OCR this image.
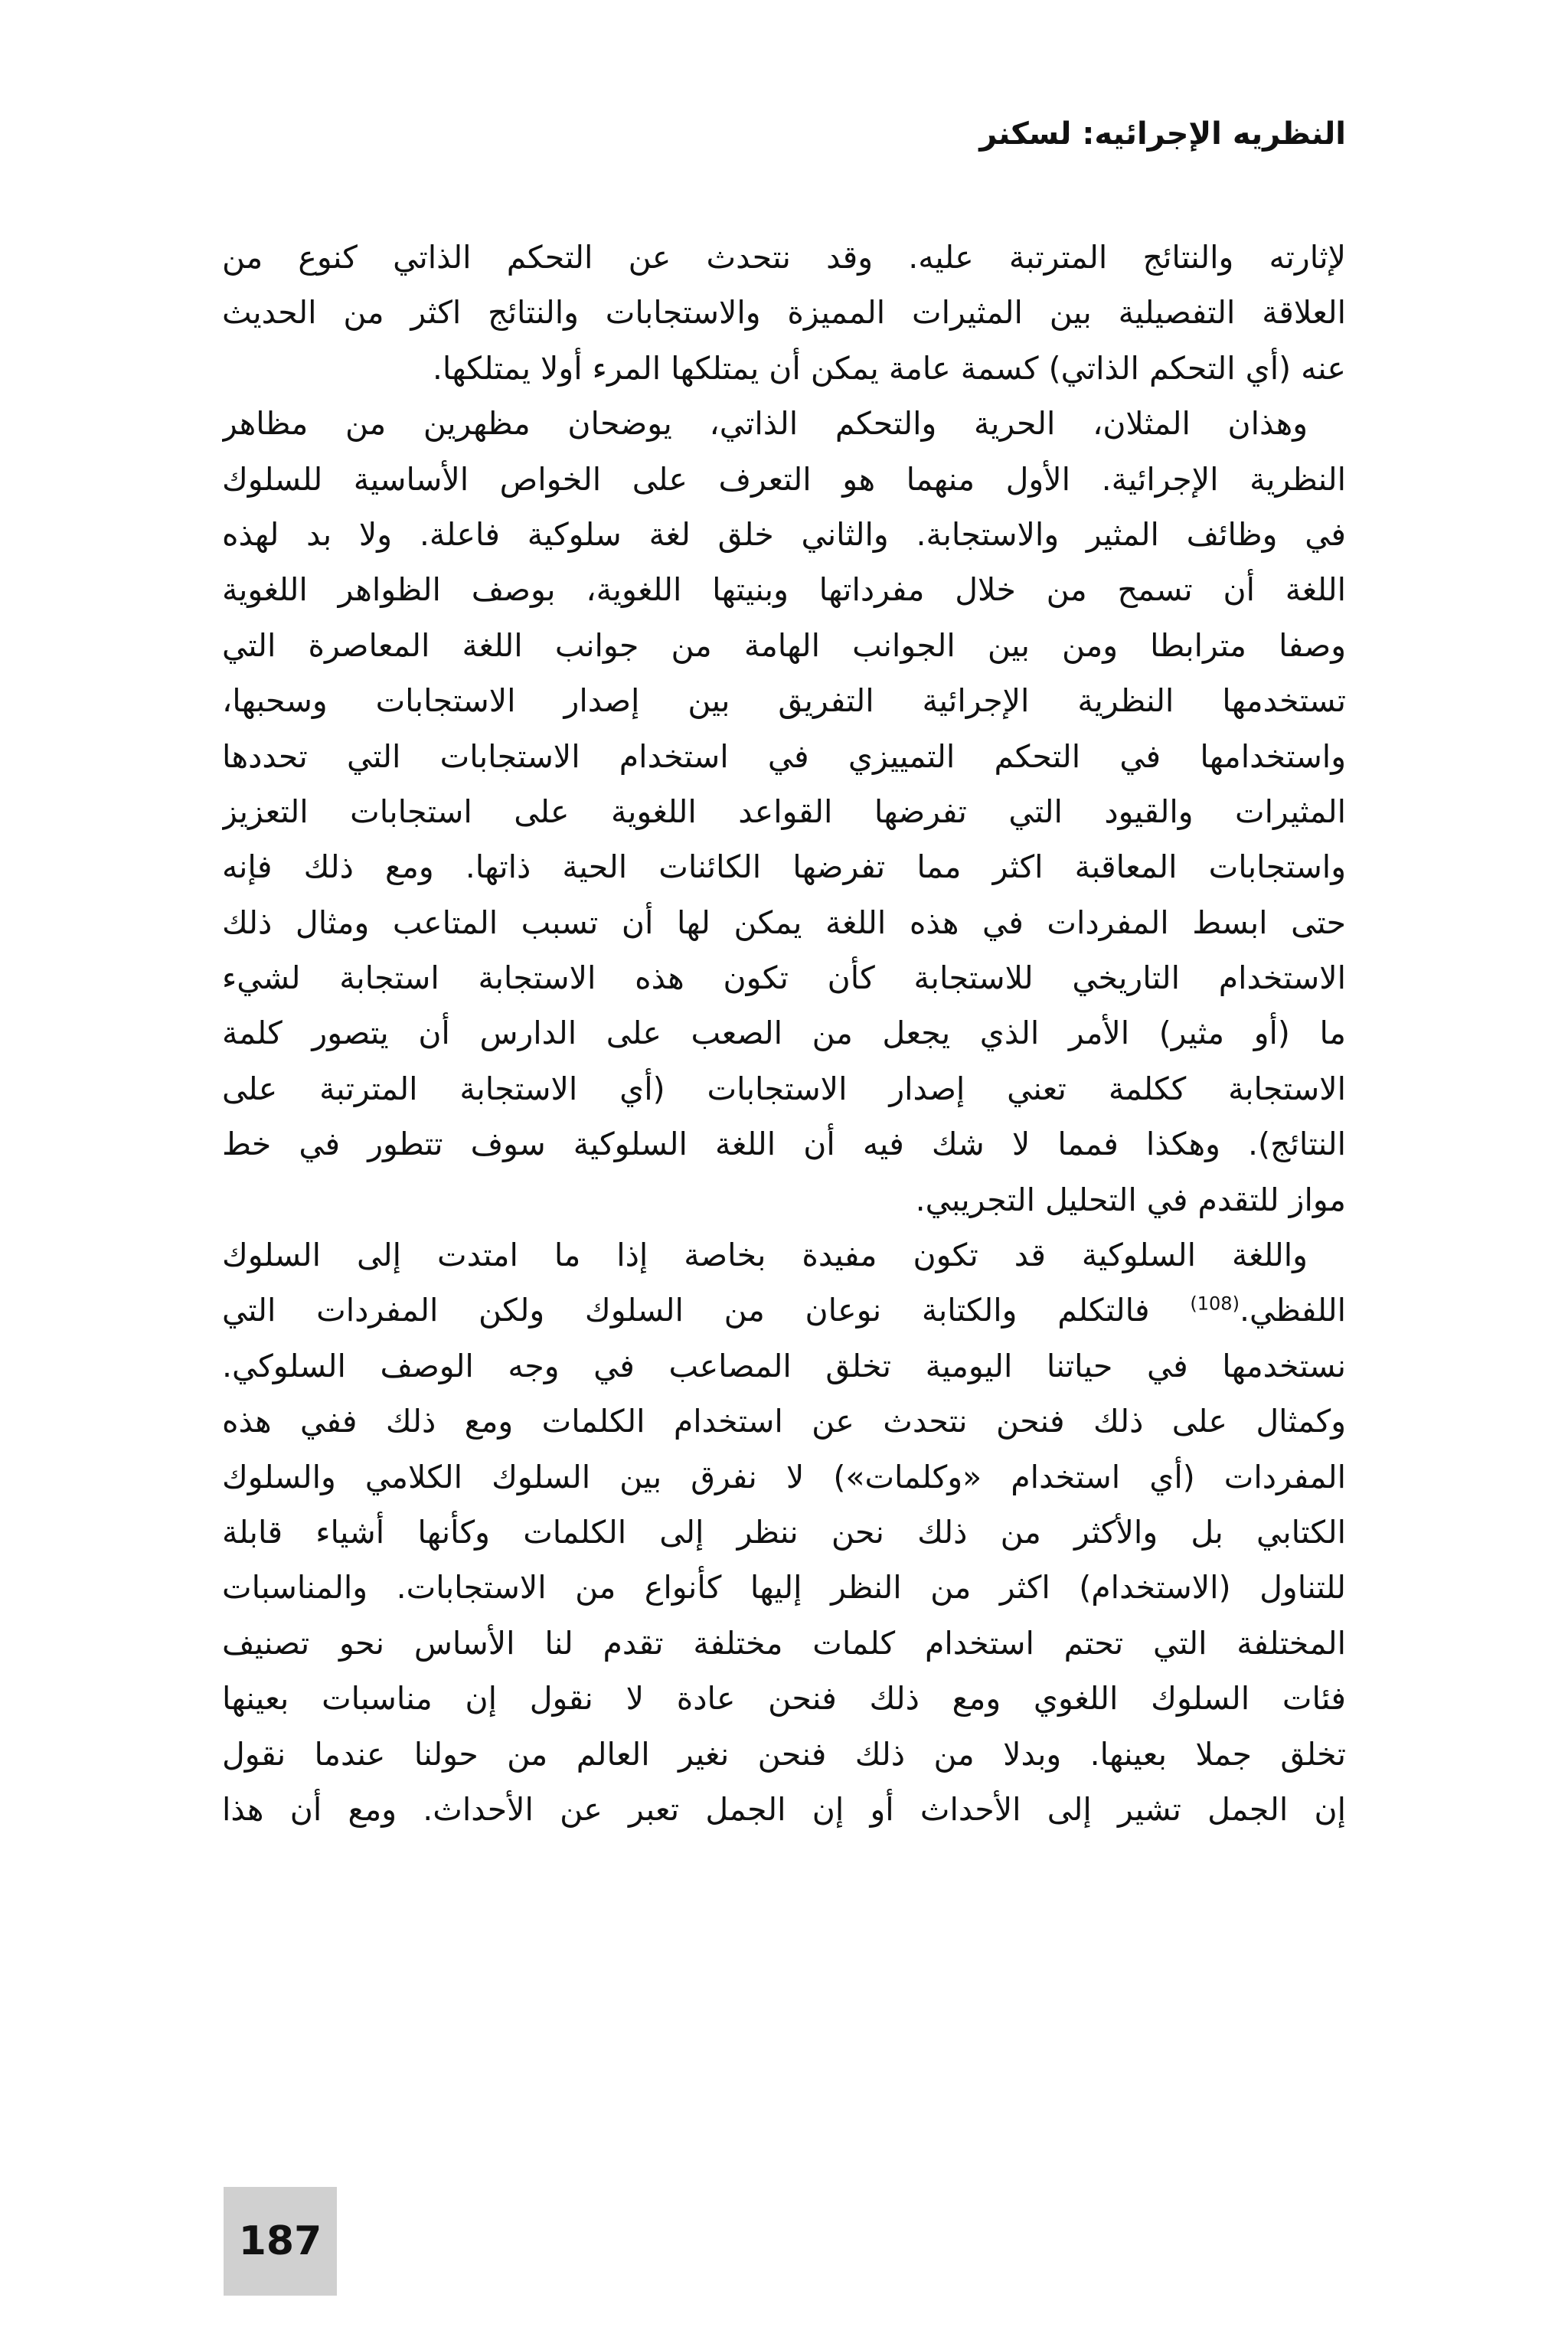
النظريه الإجرائيه: لسكنر
لإثارته والنتائج المترتبة عليه. وقد نتحدث عن التحكم الذاتي كنوع من
العلاقة التفصيلية بين المثيرات المميزة والاستجابات والنتائج اكثر من الحديث
عنه (أي التحكم الذاتي) كسمة عامة يمكن أن يمتلكها المرء أولا يمتلكها.
وهذان المثلان، الحرية والتحكم الذاتي، يوضحان مظهرين من مظاهر
النظرية الإجرائية. الأول منهما هو التعرف على الخواص الأساسية للسلوك
في وظائف المثير والاستجابة. والثاني خلق لغة سلوكية فاعلة. ولا بد لهذه
اللغة أن تسمح من خلال مفرداتها وبنيتها اللغوية، بوصف الظواهر اللغوية
وصفا مترابطا ومن بين الجوانب الهامة من جوانب اللغة المعاصرة التي
تستخدمها النظرية الإجرائية التفريق بين إصدار الاستجابات وسحبها،
واستخدامها في التحكم التمييزي في استخدام الاستجابات التي تحددها
المثيرات والقيود التي تفرضها القواعد اللغوية على استجابات التعزيز
واستجابات المعاقبة اكثر مما تفرضها الكائنات الحية ذاتها. ومع ذلك فإنه
حتى ابسط المفردات في هذه اللغة يمكن لها أن تسبب المتاعب ومثال ذلك
الاستخدام التاريخي للاستجابة كأن تكون هذه الاستجابة استجابة لشيء
ما (أو مثير) الأمر الذي يجعل من الصعب على الدارس أن يتصور كلمة
الاستجابة ككلمة تعني إصدار الاستجابات (أي الاستجابة المترتبة على
النتائج). وهكذا فمما لا شك فيه أن اللغة السلوكية سوف تتطور في خط
مواز للتقدم في التحليل التجريبي.
واللغة السلوكية قد تكون مفيدة بخاصة إذا ما امتدت إلى السلوك
اللفظي.$^{(108)}$ فالتكلم والكتابة نوعان من السلوك ولكن المفردات التي
نستخدمها في حياتنا اليومية تخلق المصاعب في وجه الوصف السلوكي.
وكمثال على ذلك فنحن نتحدث عن استخدام الكلمات ومع ذلك ففي هذه
المفردات (أي استخدام «وكلمات») لا نفرق بين السلوك الكلامي والسلوك
الكتابي بل والأكثر من ذلك نحن ننظر إلى الكلمات وكأنها أشياء قابلة
للتناول (الاستخدام) اكثر من النظر إليها كأنواع من الاستجابات. والمناسبات
المختلفة التي تحتم استخدام كلمات مختلفة تقدم لنا الأساس نحو تصنيف
فئات السلوك اللغوي ومع ذلك فنحن عادة لا نقول إن مناسبات بعينها
تخلق جملا بعينها. وبدلا من ذلك فنحن نغير العالم من حولنا عندما نقول
إن الجمل تشير إلى الأحداث أو إن الجمل تعبر عن الأحداث. ومع أن هذا
187
